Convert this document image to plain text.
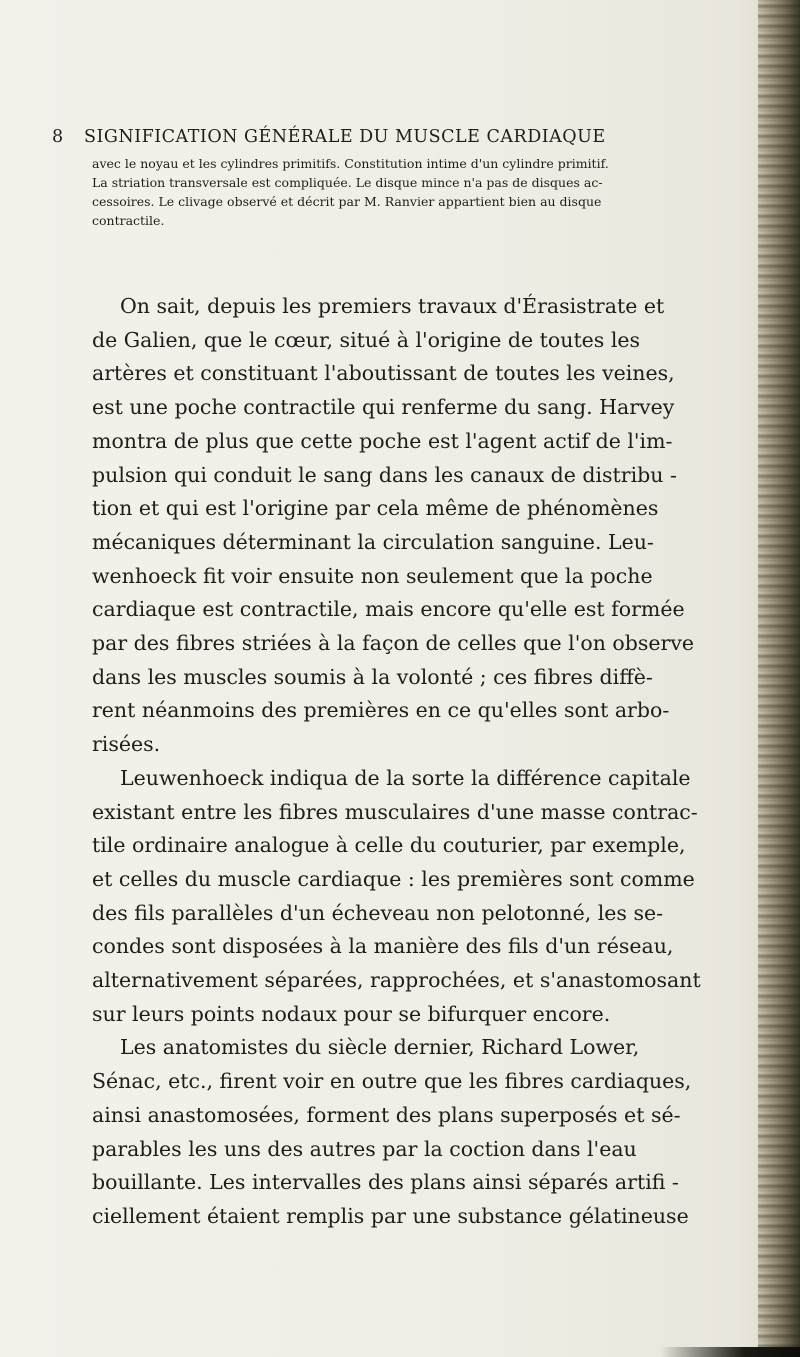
8 SIGNIFICATION GÉNÉRALE DU MUSCLE CARDIAQUE
avec le noyau et les cylindres primitifs. Constitution intime d'un cylindre primitif.
La striation transversale est compliquée. Le disque mince n'a pas de disques ac-
cessoires. Le clivage observé et décrit par M. Ranvier appartient bien au disque
contractile.
On sait, depuis les premiers travaux d'Érasistrate et
de Galien, que le cœur, situé à l'origine de toutes les
artères et constituant l'aboutissant de toutes les veines,
est une poche contractile qui renferme du sang. Harvey
montra de plus que cette poche est l'agent actif de l'im-
pulsion qui conduit le sang dans les canaux de distribu -
tion et qui est l'origine par cela même de phénomènes
mécaniques déterminant la circulation sanguine. Leu-
wenhoeck fit voir ensuite non seulement que la poche
cardiaque est contractile, mais encore qu'elle est formée
par des fibres striées à la façon de celles que l'on observe
dans les muscles soumis à la volonté ; ces fibres diffè-
rent néanmoins des premières en ce qu'elles sont arbo-
risées.
Leuwenhoeck indiqua de la sorte la différence capitale
existant entre les fibres musculaires d'une masse contrac-
tile ordinaire analogue à celle du couturier, par exemple,
et celles du muscle cardiaque : les premières sont comme
des fils parallèles d'un écheveau non pelotonné, les se-
condes sont disposées à la manière des fils d'un réseau,
alternativement séparées, rapprochées, et s'anastomosant
sur leurs points nodaux pour se bifurquer encore.
Les anatomistes du siècle dernier, Richard Lower,
Sénac, etc., firent voir en outre que les fibres cardiaques,
ainsi anastomosées, forment des plans superposés et sé-
parables les uns des autres par la coction dans l'eau
bouillante. Les intervalles des plans ainsi séparés artifi -
ciellement étaient remplis par une substance gélatineuse
